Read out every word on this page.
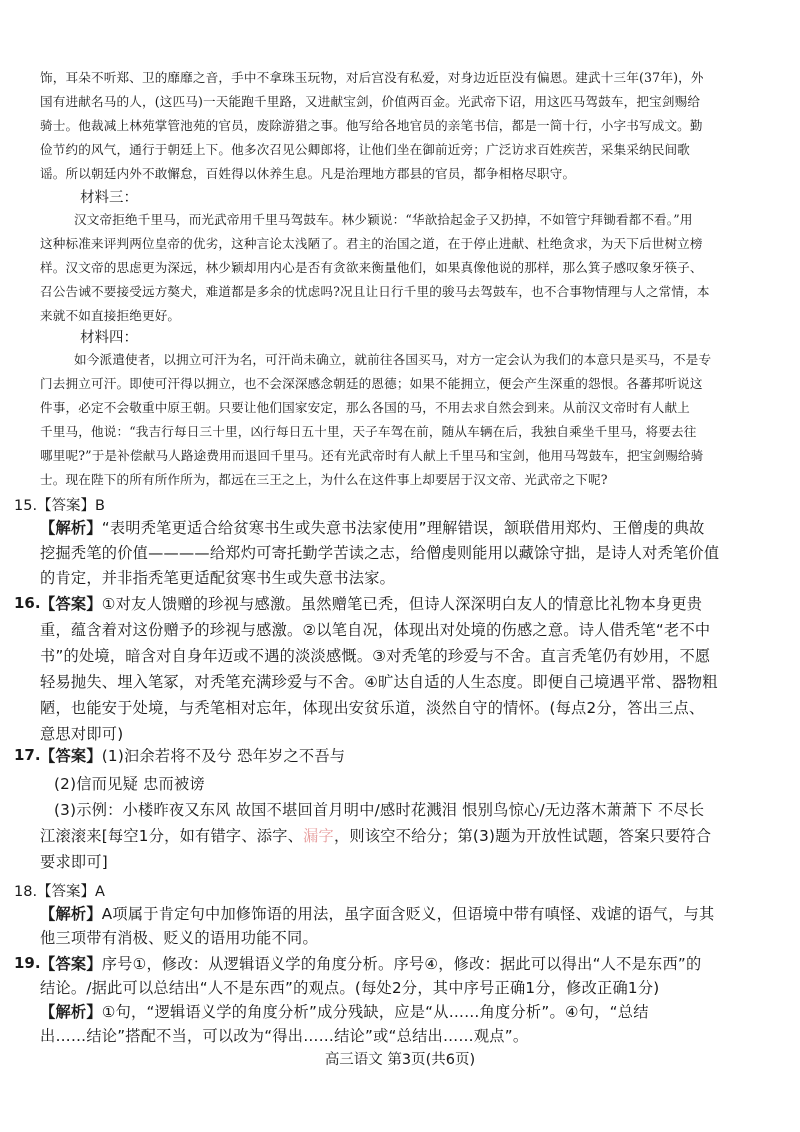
饰，耳朵不听郑、卫的靡靡之音，手中不拿珠玉玩物，对后宫没有私爱，对身边近臣没有偏恩。建武十三年(37年)，外
国有进献名马的人，(这匹马)一天能跑千里路，又进献宝剑，价值两百金。光武帝下诏，用这匹马驾鼓车，把宝剑赐给
骑士。他裁减上林苑掌管池苑的官员，废除游猎之事。他写给各地官员的亲笔书信，都是一简十行，小字书写成文。勤
俭节约的风气，通行于朝廷上下。他多次召见公卿郎将，让他们坐在御前近旁；广泛访求百姓疾苦，采集采纳民间歌
谣。所以朝廷内外不敢懈怠，百姓得以休养生息。凡是治理地方郡县的官员，都争相格尽职守。
材料三：
汉文帝拒绝千里马，而光武帝用千里马驾鼓车。林少颖说：“华歆拾起金子又扔掉，不如管宁拜锄看都不看。”用
这种标准来评判两位皇帝的优劣，这种言论太浅陋了。君主的治国之道，在于停止进献、杜绝贪求，为天下后世树立榜
样。汉文帝的思虑更为深远，林少颖却用内心是否有贪欲来衡量他们，如果真像他说的那样，那么箕子感叹象牙筷子、
召公告诫不要接受远方獒犬，难道都是多余的忧虑吗?况且让日行千里的骏马去驾鼓车，也不合事物情理与人之常情，本
来就不如直接拒绝更好。
材料四：
如今派遣使者，以拥立可汗为名，可汗尚未确立，就前往各国买马，对方一定会认为我们的本意只是买马，不是专
门去拥立可汗。即使可汗得以拥立，也不会深深感念朝廷的恩德；如果不能拥立，便会产生深重的怨恨。各蕃邦听说这
件事，必定不会敬重中原王朝。只要让他们国家安定，那么各国的马，不用去求自然会到来。从前汉文帝时有人献上
千里马，他说：“我吉行每日三十里，凶行每日五十里，天子车驾在前，随从车辆在后，我独自乘坐千里马，将要去往
哪里呢?”于是补偿献马人路途费用而退回千里马。还有光武帝时有人献上千里马和宝剑，他用马驾鼓车，把宝剑赐给骑
士。现在陛下的所有所作所为，都远在三王之上，为什么在这件事上却要居于汉文帝、光武帝之下呢?
15.【答案】B
【解析】“表明秃笔更适合给贫寒书生或失意书法家使用”理解错误，颔联借用郑灼、王僧虔的典故
挖掘秃笔的价值————给郑灼可寄托勤学苦读之志，给僧虔则能用以藏馀守拙，是诗人对秃笔价值
的肯定，并非指秃笔更适配贫寒书生或失意书法家。
16. 【答案】①对友人馈赠的珍视与感激。虽然赠笔已秃，但诗人深深明白友人的情意比礼物本身更贵
重，蕴含着对这份赠予的珍视与感激。②以笔自况，体现出对处境的伤感之意。诗人借秃笔“老不中
书”的处境，暗含对自身年迈或不遇的淡淡感慨。③对秃笔的珍爱与不舍。直言秃笔仍有妙用，不愿
轻易抛失、埋入笔冢，对秃笔充满珍爱与不舍。④旷达自适的人生态度。即便自己境遇平常、器物粗
陋，也能安于处境，与秃笔相对忘年，体现出安贫乐道，淡然自守的情怀。(每点2分，答出三点、
意思对即可)
17. 【答案】(1)汩余若将不及兮 恐年岁之不吾与
(2)信而见疑 忠而被谤
(3)示例：小楼昨夜又东风 故国不堪回首月明中/感时花溅泪 恨别鸟惊心/无边落木萧萧下 不尽长
江滚滚来[每空1分，如有错字、添字、漏字，则该空不给分；第(3)题为开放性试题，答案只要符合
要求即可]
18.【答案】A
【解析】A项属于肯定句中加修饰语的用法，虽字面含贬义，但语境中带有嗔怪、戏谑的语气，与其
他三项带有消极、贬义的语用功能不同。
19. 【答案】序号①，修改：从逻辑语义学的角度分析。序号④，修改：据此可以得出“人不是东西”的
结论。/据此可以总结出“人不是东西”的观点。(每处2分，其中序号正确1分，修改正确1分)
【解析】①句，“逻辑语义学的角度分析”成分残缺，应是“从……角度分析”。④句，“总结
出……结论”搭配不当，可以改为“得出……结论”或“总结出……观点”。
高三语文 第3页(共6页)
